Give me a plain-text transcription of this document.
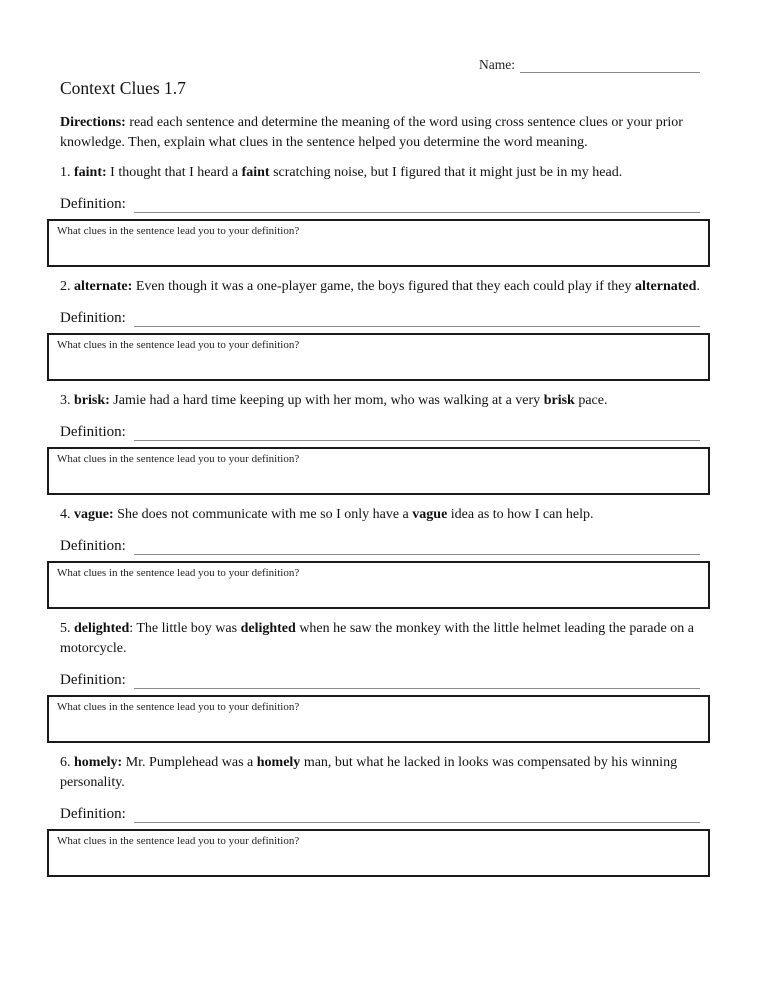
Name:
Context Clues 1.7

Directions: read each sentence and determine the meaning of the word using cross sentence clues or your prior knowledge. Then, explain what clues in the sentence helped you determine the word meaning.

1. faint: I thought that I heard a faint scratching noise, but I figured that it might just be in my head.

Definition:
What clues in the sentence lead you to your definition?

2. alternate: Even though it was a one-player game, the boys figured that they each could play if they alternated.

Definition:
What clues in the sentence lead you to your definition?

3. brisk: Jamie had a hard time keeping up with her mom, who was walking at a very brisk pace.

Definition:
What clues in the sentence lead you to your definition?

4. vague: She does not communicate with me so I only have a vague idea as to how I can help.

Definition:
What clues in the sentence lead you to your definition?

5. delighted: The little boy was delighted when he saw the monkey with the little helmet leading the parade on a motorcycle.

Definition:
What clues in the sentence lead you to your definition?

6. homely: Mr. Pumplehead was a homely man, but what he lacked in looks was compensated by his winning personality.

Definition:
What clues in the sentence lead you to your definition?
